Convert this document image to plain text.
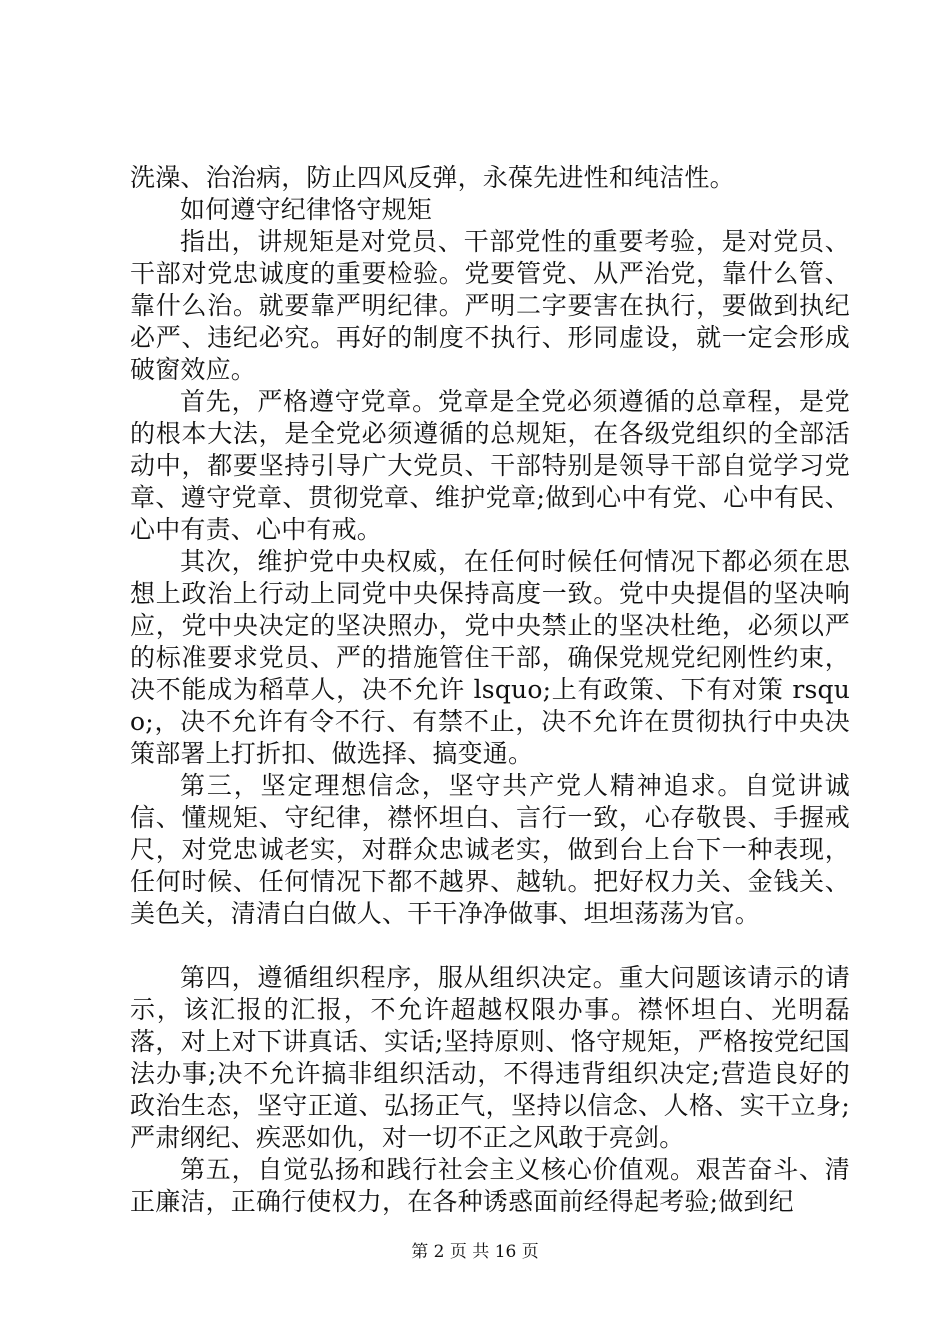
洗澡、治治病，防止四风反弹，永葆先进性和纯洁性。

如何遵守纪律恪守规矩

指出，讲规矩是对党员、干部党性的重要考验，是对党员、干部对党忠诚度的重要检验。党要管党、从严治党，靠什么管、靠什么治。就要靠严明纪律。严明二字要害在执行，要做到执纪必严、违纪必究。再好的制度不执行、形同虚设，就一定会形成破窗效应。

首先，严格遵守党章。党章是全党必须遵循的总章程，是党的根本大法，是全党必须遵循的总规矩，在各级党组织的全部活动中，都要坚持引导广大党员、干部特别是领导干部自觉学习党章、遵守党章、贯彻党章、维护党章;做到心中有党、心中有民、心中有责、心中有戒。

其次，维护党中央权威，在任何时候任何情况下都必须在思想上政治上行动上同党中央保持高度一致。党中央提倡的坚决响应，党中央决定的坚决照办，党中央禁止的坚决杜绝，必须以严的标准要求党员、严的措施管住干部，确保党规党纪刚性约束，决不能成为稻草人，决不允许 lsquo;上有政策、下有对策 rsquo;，决不允许有令不行、有禁不止，决不允许在贯彻执行中央决策部署上打折扣、做选择、搞变通。

第三，坚定理想信念，坚守共产党人精神追求。自觉讲诚信、懂规矩、守纪律，襟怀坦白、言行一致，心存敬畏、手握戒尺，对党忠诚老实，对群众忠诚老实，做到台上台下一种表现，任何时候、任何情况下都不越界、越轨。把好权力关、金钱关、美色关，清清白白做人、干干净净做事、坦坦荡荡为官。

第四，遵循组织程序，服从组织决定。重大问题该请示的请示，该汇报的汇报，不允许超越权限办事。襟怀坦白、光明磊落，对上对下讲真话、实话;坚持原则、恪守规矩，严格按党纪国法办事;决不允许搞非组织活动，不得违背组织决定;营造良好的政治生态，坚守正道、弘扬正气，坚持以信念、人格、实干立身;严肃纲纪、疾恶如仇，对一切不正之风敢于亮剑。

第五，自觉弘扬和践行社会主义核心价值观。艰苦奋斗、清正廉洁，正确行使权力，在各种诱惑面前经得起考验;做到纪

第 2 页 共 16 页
